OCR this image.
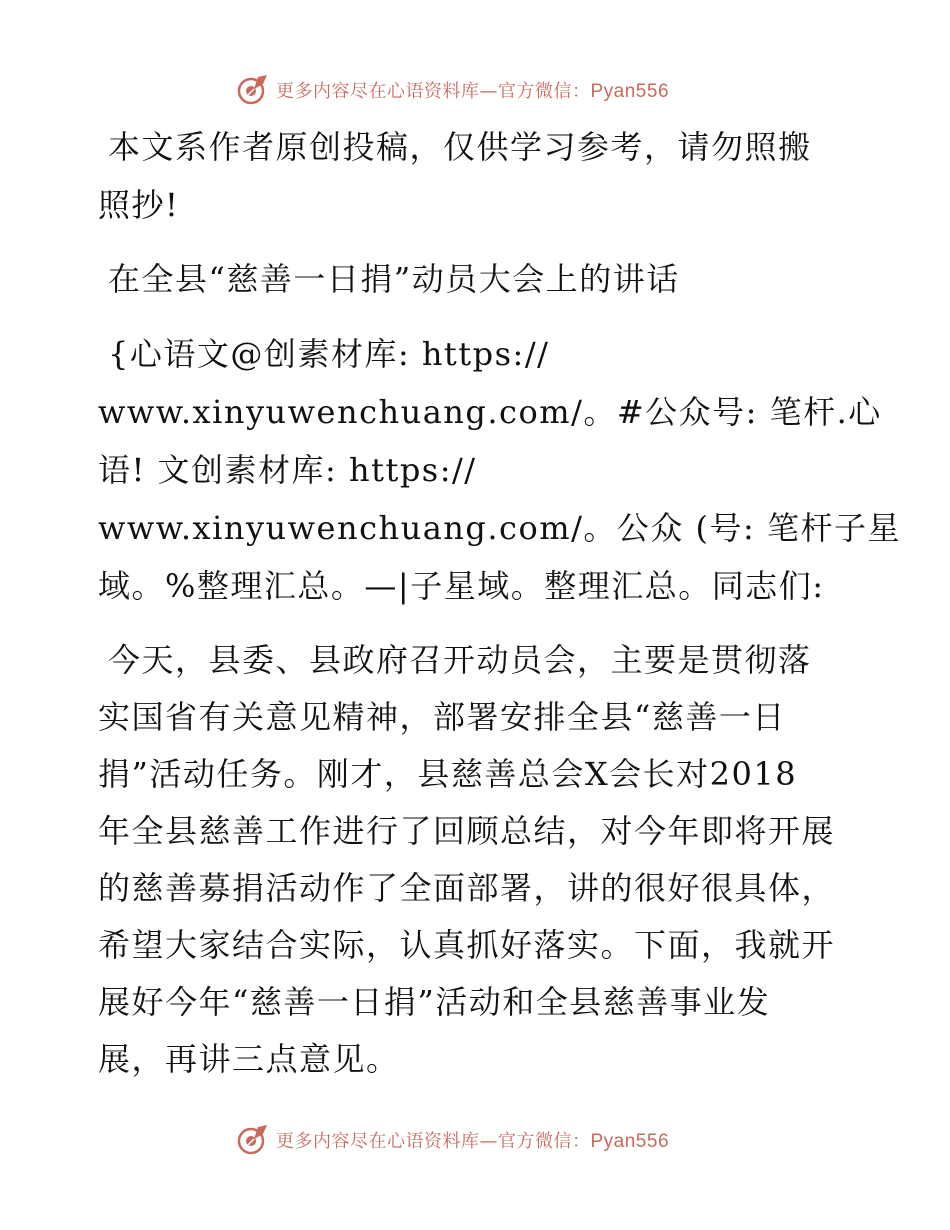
更多内容尽在心语资料库—官方微信：Pyan556
本文系作者原创投稿，仅供学习参考，请勿照搬
照抄!
在全县“慈善一日捐”动员大会上的讲话
{心语文@创素材库: https://
www.xinyuwenchuang.com/。#公众号: 笔杆.心
语! 文创素材库: https://
www.xinyuwenchuang.com/。公众 (号: 笔杆子星
域。%整理汇总。—|子星域。整理汇总。同志们:
今天，县委、县政府召开动员会，主要是贯彻落
实国省有关意见精神，部署安排全县“慈善一日
捐”活动任务。刚才，县慈善总会X会长对2018
年全县慈善工作进行了回顾总结，对今年即将开展
的慈善募捐活动作了全面部署，讲的很好很具体，
希望大家结合实际，认真抓好落实。下面，我就开
展好今年“慈善一日捐”活动和全县慈善事业发
展，再讲三点意见。
更多内容尽在心语资料库—官方微信：Pyan556
